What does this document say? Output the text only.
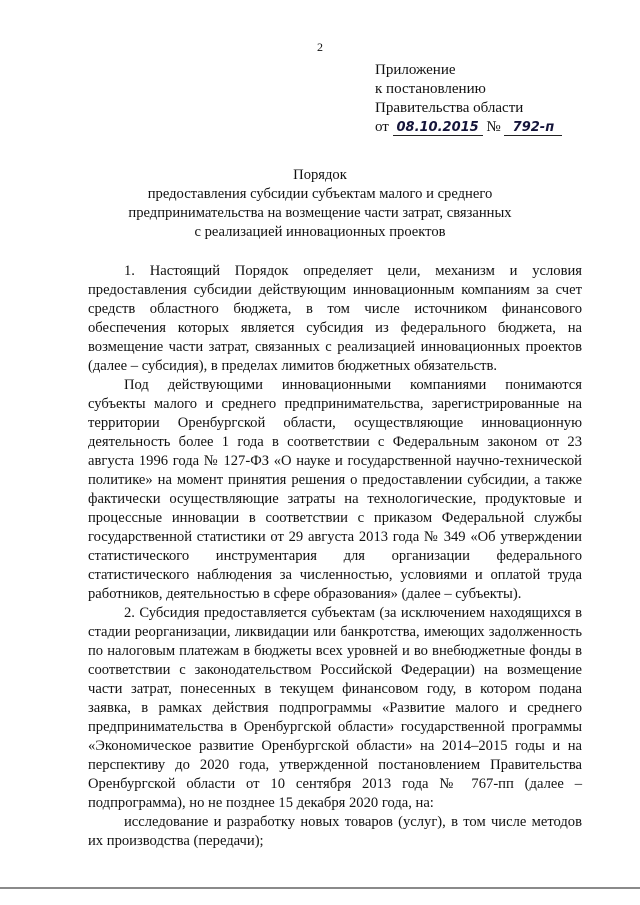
2
Приложение
к постановлению
Правительства области
от 08.10.2015 № 792-п
Порядок
предоставления субсидии субъектам малого и среднего
предпринимательства на возмещение части затрат, связанных
с реализацией инновационных проектов

1. Настоящий Порядок определяет цели, механизм и условия предоставления субсидии действующим инновационным компаниям за счет средств областного бюджета, в том числе источником финансового обеспечения которых является субсидия из федерального бюджета, на возмещение части затрат, связанных с реализацией инновационных проектов (далее – субсидия), в пределах лимитов бюджетных обязательств.

Под действующими инновационными компаниями понимаются субъекты малого и среднего предпринимательства, зарегистрированные на территории Оренбургской области, осуществляющие инновационную деятельность более 1 года в соответствии с Федеральным законом от 23 августа 1996 года № 127-ФЗ «О науке и государственной научно-технической политике» на момент принятия решения о предоставлении субсидии, а также фактически осуществляющие затраты на технологические, продуктовые и процессные инновации в соответствии с приказом Федеральной службы государственной статистики от 29 августа 2013 года № 349 «Об утверждении статистического инструментария для организации федерального статистического наблюдения за численностью, условиями и оплатой труда работников, деятельностью в сфере образования» (далее – субъекты).

2. Субсидия предоставляется субъектам (за исключением находящихся в стадии реорганизации, ликвидации или банкротства, имеющих задолженность по налоговым платежам в бюджеты всех уровней и во внебюджетные фонды в соответствии с законодательством Российской Федерации) на возмещение части затрат, понесенных в текущем финансовом году, в котором подана заявка, в рамках действия подпрограммы «Развитие малого и среднего предпринимательства в Оренбургской области» государственной программы «Экономическое развитие Оренбургской области» на 2014–2015 годы и на перспективу до 2020 года, утвержденной постановлением Правительства Оренбургской области от 10 сентября 2013 года № 767-пп (далее – подпрограмма), но не позднее 15 декабря 2020 года, на:

исследование и разработку новых товаров (услуг), в том числе методов их производства (передачи);
